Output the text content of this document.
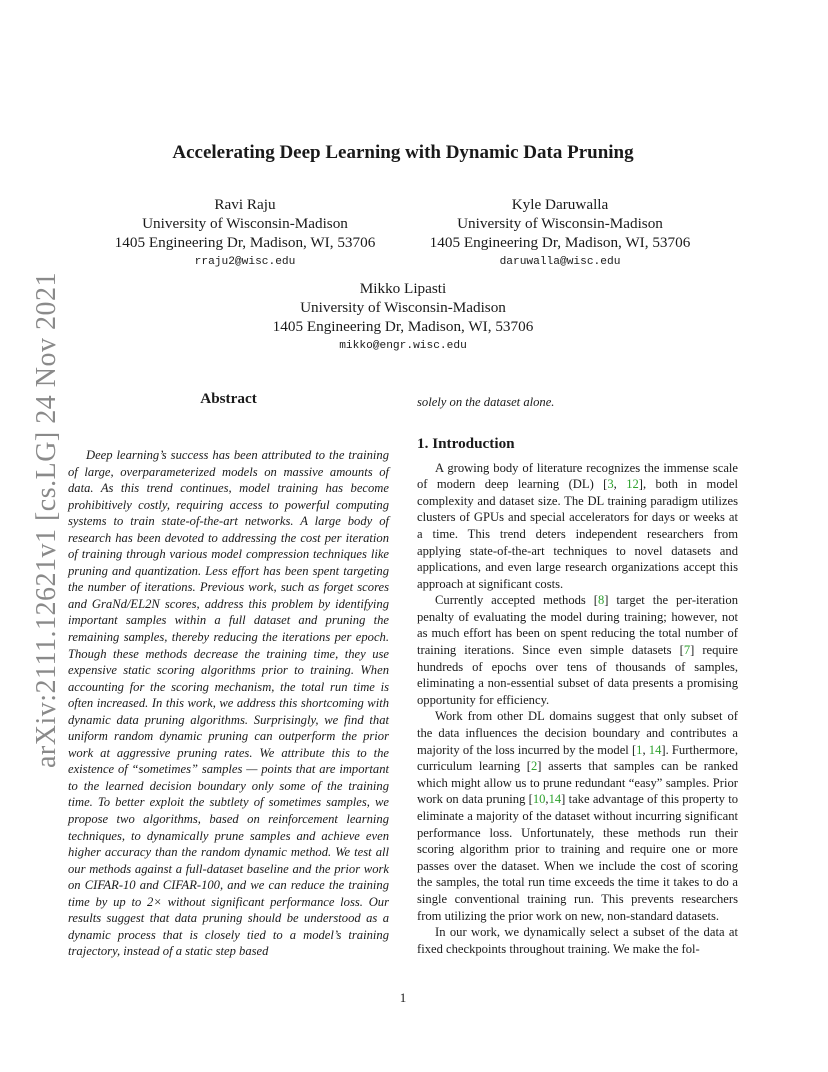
arXiv:2111.12621v1 [cs.LG] 24 Nov 2021
Accelerating Deep Learning with Dynamic Data Pruning
Ravi Raju
University of Wisconsin-Madison
1405 Engineering Dr, Madison, WI, 53706
rraju2@wisc.edu
Kyle Daruwalla
University of Wisconsin-Madison
1405 Engineering Dr, Madison, WI, 53706
daruwalla@wisc.edu
Mikko Lipasti
University of Wisconsin-Madison
1405 Engineering Dr, Madison, WI, 53706
mikko@engr.wisc.edu
Abstract

Deep learning’s success has been attributed to the training of large, overparameterized models on massive amounts of data. As this trend continues, model training has become prohibitively costly, requiring access to powerful computing systems to train state-of-the-art networks. A large body of research has been devoted to addressing the cost per iteration of training through various model compression techniques like pruning and quantization. Less effort has been spent targeting the number of iterations. Previous work, such as forget scores and GraNd/EL2N scores, address this problem by identifying important samples within a full dataset and pruning the remaining samples, thereby reducing the iterations per epoch. Though these methods decrease the training time, they use expensive static scoring algorithms prior to training. When accounting for the scoring mechanism, the total run time is often increased. In this work, we address this shortcoming with dynamic data pruning algorithms. Surprisingly, we find that uniform random dynamic pruning can outperform the prior work at aggressive pruning rates. We attribute this to the existence of “sometimes” samples — points that are important to the learned decision boundary only some of the training time. To better exploit the subtlety of sometimes samples, we propose two algorithms, based on reinforcement learning techniques, to dynamically prune samples and achieve even higher accuracy than the random dynamic method. We test all our methods against a full-dataset baseline and the prior work on CIFAR-10 and CIFAR-100, and we can reduce the training time by up to 2× without significant performance loss. Our results suggest that data pruning should be understood as a dynamic process that is closely tied to a model’s training trajectory, instead of a static step based

solely on the dataset alone.

1. Introduction

A growing body of literature recognizes the immense scale of modern deep learning (DL) [3, 12], both in model complexity and dataset size. The DL training paradigm utilizes clusters of GPUs and special accelerators for days or weeks at a time. This trend deters independent researchers from applying state-of-the-art techniques to novel datasets and applications, and even large research organizations accept this approach at significant costs.

Currently accepted methods [8] target the per-iteration penalty of evaluating the model during training; however, not as much effort has been on spent reducing the total number of training iterations. Since even simple datasets [7] require hundreds of epochs over tens of thousands of samples, eliminating a non-essential subset of data presents a promising opportunity for efficiency.

Work from other DL domains suggest that only subset of the data influences the decision boundary and contributes a majority of the loss incurred by the model [1, 14]. Furthermore, curriculum learning [2] asserts that samples can be ranked which might allow us to prune redundant “easy” samples. Prior work on data pruning [10,14] take advantage of this property to eliminate a majority of the dataset without incurring significant performance loss. Unfortunately, these methods run their scoring algorithm prior to training and require one or more passes over the dataset. When we include the cost of scoring the samples, the total run time exceeds the time it takes to do a single conventional training run. This prevents researchers from utilizing the prior work on new, non-standard datasets.

In our work, we dynamically select a subset of the data at fixed checkpoints throughout training. We make the fol-

1
